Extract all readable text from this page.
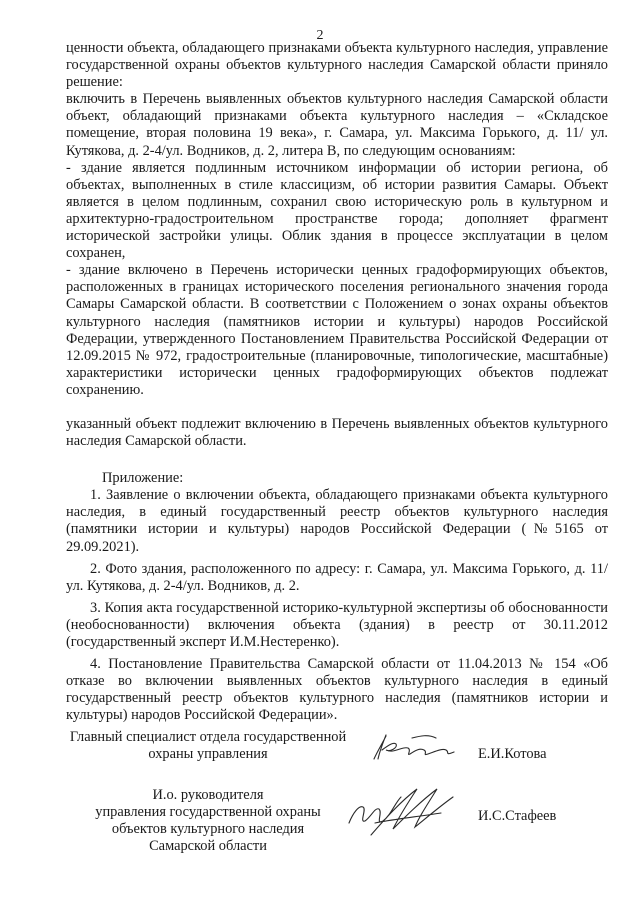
2

ценности объекта, обладающего признаками объекта культурного наследия, управление государственной охраны объектов культурного наследия Самарской области приняло решение:

включить в Перечень выявленных объектов культурного наследия Самарской области объект, обладающий признаками объекта культурного наследия – «Складское помещение, вторая половина 19 века», г. Самара, ул. Максима Горького, д. 11/ ул. Кутякова, д. 2-4/ул. Водников, д. 2, литера В, по следующим основаниям:

- здание является подлинным источником информации об истории региона, об объектах, выполненных в стиле классицизм, об истории развития Самары. Объект является в целом подлинным, сохранил свою историческую роль в культурном и архитектурно-градостроительном пространстве города; дополняет фрагмент исторической застройки улицы. Облик здания в процессе эксплуатации в целом сохранен,

- здание включено в Перечень исторически ценных градоформирующих объектов, расположенных в границах исторического поселения регионального значения города Самары Самарской области. В соответствии с Положением о зонах охраны объектов культурного наследия (памятников истории и культуры) народов Российской Федерации, утвержденного Постановлением Правительства Российской Федерации от 12.09.2015 № 972, градостроительные (планировочные, типологические, масштабные) характеристики исторически ценных градоформирующих объектов подлежат сохранению.

указанный объект подлежит включению в Перечень выявленных объектов культурного наследия Самарской области.

Приложение:

1. Заявление о включении объекта, обладающего признаками объекта культурного наследия, в единый государственный реестр объектов культурного наследия (памятники истории и культуры) народов Российской Федерации (№5165 от 29.09.2021).

2. Фото здания, расположенного по адресу: г. Самара, ул. Максима Горького, д. 11/ул. Кутякова, д. 2-4/ул. Водников, д. 2.

3. Копия акта государственной историко-культурной экспертизы об обоснованности (необоснованности) включения объекта (здания) в реестр от 30.11.2012 (государственный эксперт И.М.Нестеренко).

4. Постановление Правительства Самарской области от 11.04.2013 № 154 «Об отказе во включении выявленных объектов культурного наследия в единый государственный реестр объектов культурного наследия (памятников истории и культуры) народов Российской Федерации».

Главный специалист отдела государственной
охраны управления	Е.И.Котова
И.о. руководителя
управления государственной охраны
объектов культурного наследия
Самарской области
И.С.Стафеев
